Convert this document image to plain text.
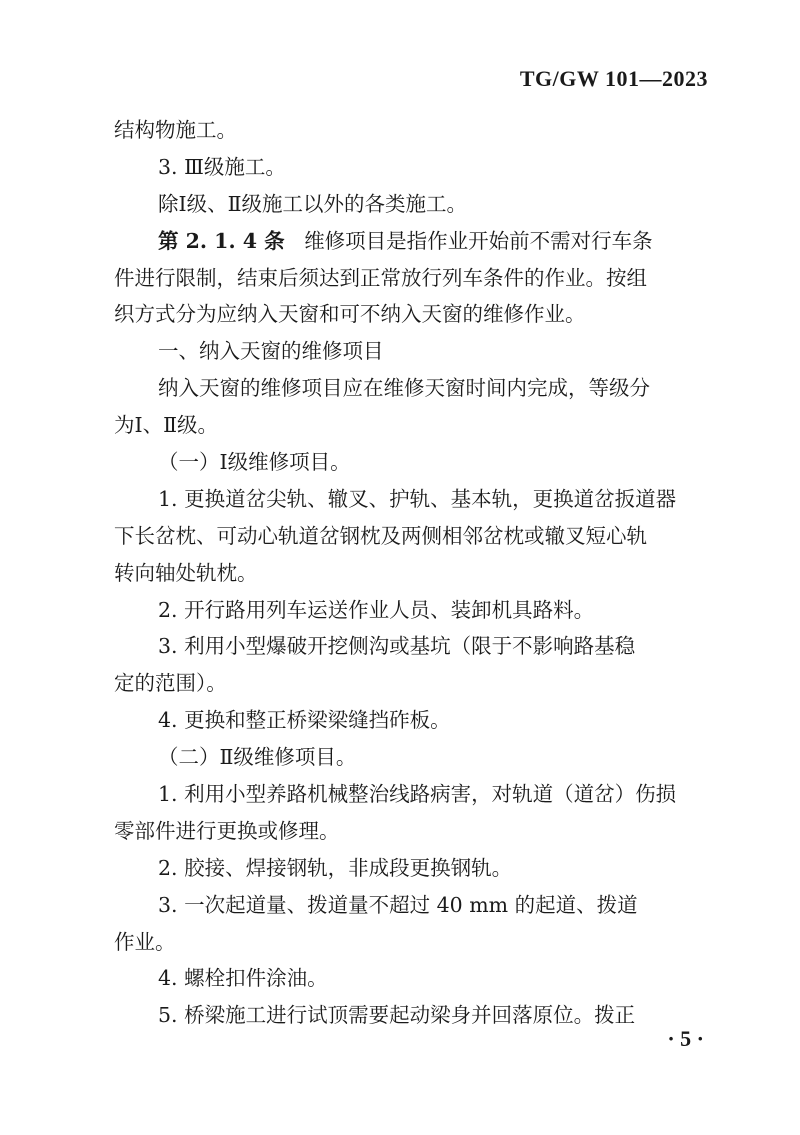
TG/GW 101—2023
结构物施工。
3. Ⅲ级施工。
除Ⅰ级、Ⅱ级施工以外的各类施工。
第 2. 1. 4 条 维修项目是指作业开始前不需对行车条
件进行限制，结束后须达到正常放行列车条件的作业。按组
织方式分为应纳入天窗和可不纳入天窗的维修作业。
一、纳入天窗的维修项目
纳入天窗的维修项目应在维修天窗时间内完成，等级分
为Ⅰ、Ⅱ级。
（一）Ⅰ级维修项目。
1. 更换道岔尖轨、辙叉、护轨、基本轨，更换道岔扳道器
下长岔枕、可动心轨道岔钢枕及两侧相邻岔枕或辙叉短心轨
转向轴处轨枕。
2. 开行路用列车运送作业人员、装卸机具路料。
3. 利用小型爆破开挖侧沟或基坑（限于不影响路基稳
定的范围）。
4. 更换和整正桥梁梁缝挡砟板。
（二）Ⅱ级维修项目。
1. 利用小型养路机械整治线路病害，对轨道（道岔）伤损
零部件进行更换或修理。
2. 胶接、焊接钢轨，非成段更换钢轨。
3. 一次起道量、拨道量不超过 40 mm 的起道、拨道
作业。
4. 螺栓扣件涂油。
5. 桥梁施工进行试顶需要起动梁身并回落原位。拨正
· 5 ·
